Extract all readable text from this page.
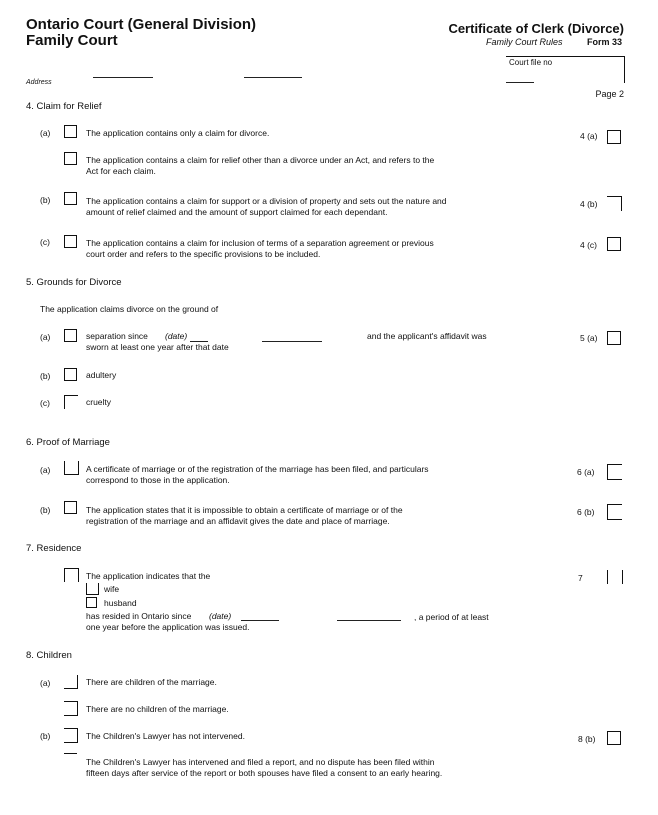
Ontario Court (General Division)
Family Court
Certificate of Clerk (Divorce)
Family Court Rules	Form 33
Court file no
Address
Page 2
4. Claim for Relief
(a)	The application contains only a claim for divorce.	4 (a)
The application contains a claim for relief other than a divorce under an Act, and refers to the
Act for each claim.
(b)	The application contains a claim for support or a division of property and sets out the nature and
amount of relief claimed and the amount of support claimed for each dependant.
4 (b)
(c)	The application contains a claim for inclusion of terms of a separation agreement or previous
court order and refers to the specific provisions to be included.
4 (c)
5. Grounds for Divorce
The application claims divorce on the ground of
(a)	separation since (date)	and the applicant's affidavit was
sworn at least one year after that date
5 (a)
(b)	adultery
(c)	cruelty
6. Proof of Marriage
(a)	A certificate of marriage or of the registration of the marriage has been filed, and particulars
correspond to those in the application.
6 (a)
(b)	The application states that it is impossible to obtain a certificate of marriage or of the
registration of the marriage and an affidavit gives the date and place of marriage.
6 (b)
7. Residence
The application indicates that the
wife
husband
has resided in Ontario since (date)	, a period of at least
one year before the application was issued.
7
8. Children
(a)	There are children of the marriage.
There are no children of the marriage.
(b)	The Children's Lawyer has not intervened.	8 (b)
The Children's Lawyer has intervened and filed a report, and no dispute has been filed within
fifteen days after service of the report or both spouses have filed a consent to an early hearing.
